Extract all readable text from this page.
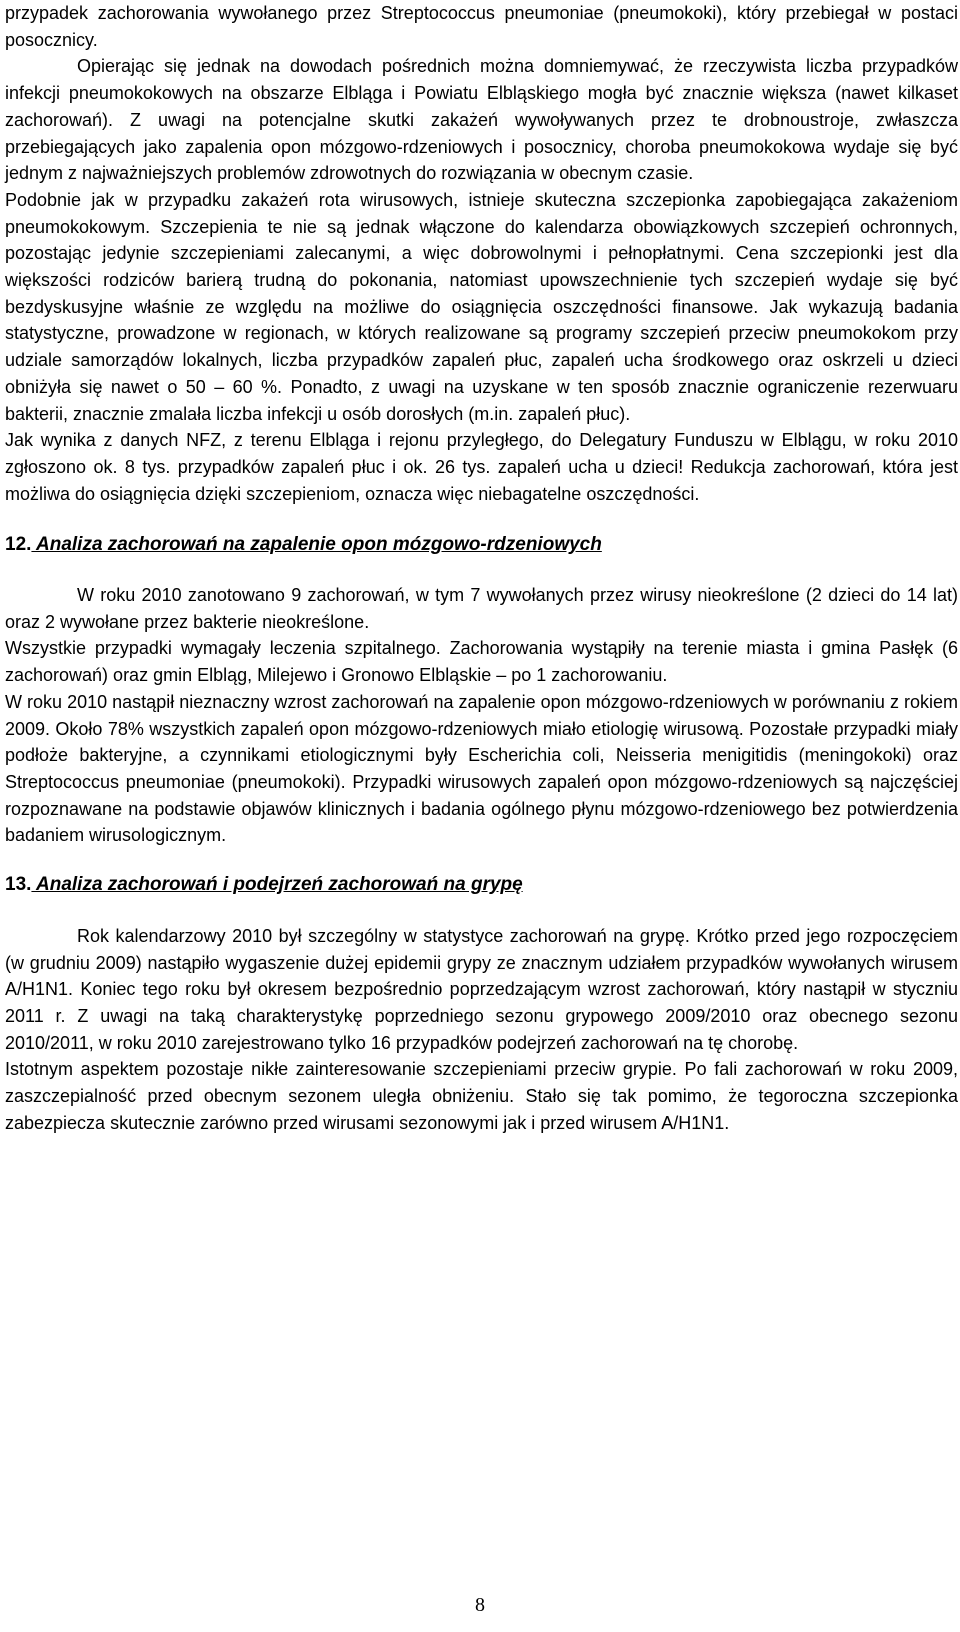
przypadek zachorowania wywołanego przez Streptococcus pneumoniae (pneumokoki), który przebiegał w postaci posocznicy.

Opierając się jednak na dowodach pośrednich można domniemywać, że rzeczywista liczba przypadków infekcji pneumokokowych na obszarze Elbląga i Powiatu Elbląskiego mogła być znacznie większa (nawet kilkaset zachorowań). Z uwagi na potencjalne skutki zakażeń wywoływanych przez te drobnoustroje, zwłaszcza przebiegających jako zapalenia opon mózgowo-rdzeniowych i posocznicy, choroba pneumokokowa wydaje się być jednym z najważniejszych problemów zdrowotnych do rozwiązania w obecnym czasie.

Podobnie jak w przypadku zakażeń rota wirusowych, istnieje skuteczna szczepionka zapobiegająca zakażeniom pneumokokowym. Szczepienia te nie są jednak włączone do kalendarza obowiązkowych szczepień ochronnych, pozostając jedynie szczepieniami zalecanymi, a więc dobrowolnymi i pełnopłatnymi. Cena szczepionki jest dla większości rodziców barierą trudną do pokonania, natomiast upowszechnienie tych szczepień wydaje się być bezdyskusyjne właśnie ze względu na możliwe do osiągnięcia oszczędności finansowe. Jak wykazują badania statystyczne, prowadzone w regionach, w których realizowane są programy szczepień przeciw pneumokokom przy udziale samorządów lokalnych, liczba przypadków zapaleń płuc, zapaleń ucha środkowego oraz oskrzeli u dzieci obniżyła się nawet o 50 – 60 %. Ponadto, z uwagi na uzyskane w ten sposób znacznie ograniczenie rezerwuaru bakterii, znacznie zmalała liczba infekcji u osób dorosłych (m.in. zapaleń płuc).

Jak wynika z danych NFZ, z terenu Elbląga i rejonu przyległego, do Delegatury Funduszu w Elblągu, w roku 2010 zgłoszono ok. 8 tys. przypadków zapaleń płuc i ok. 26 tys. zapaleń ucha u dzieci! Redukcja zachorowań, która jest możliwa do osiągnięcia dzięki szczepieniom, oznacza więc niebagatelne oszczędności.

12. Analiza zachorowań na zapalenie opon mózgowo-rdzeniowych

W roku 2010 zanotowano 9 zachorowań, w tym 7 wywołanych przez wirusy nieokreślone (2 dzieci do 14 lat) oraz 2 wywołane przez bakterie nieokreślone.

Wszystkie przypadki wymagały leczenia szpitalnego. Zachorowania wystąpiły na terenie miasta i gmina Pasłęk (6 zachorowań) oraz gmin Elbląg, Milejewo i Gronowo Elbląskie – po 1 zachorowaniu.

W roku 2010 nastąpił nieznaczny wzrost zachorowań na zapalenie opon mózgowo-rdzeniowych w porównaniu z rokiem 2009. Około 78% wszystkich zapaleń opon mózgowo-rdzeniowych miało etiologię wirusową. Pozostałe przypadki miały podłoże bakteryjne, a czynnikami etiologicznymi były Escherichia coli, Neisseria menigitidis (meningokoki) oraz Streptococcus pneumoniae (pneumokoki). Przypadki wirusowych zapaleń opon mózgowo-rdzeniowych są najczęściej rozpoznawane na podstawie objawów klinicznych i badania ogólnego płynu mózgowo-rdzeniowego bez potwierdzenia badaniem wirusologicznym.

13. Analiza zachorowań i podejrzeń zachorowań na grypę

Rok kalendarzowy 2010 był szczególny w statystyce zachorowań na grypę. Krótko przed jego rozpoczęciem (w grudniu 2009) nastąpiło wygaszenie dużej epidemii grypy ze znacznym udziałem przypadków wywołanych wirusem A/H1N1. Koniec tego roku był okresem bezpośrednio poprzedzającym wzrost zachorowań, który nastąpił w styczniu 2011 r. Z uwagi na taką charakterystykę poprzedniego sezonu grypowego 2009/2010 oraz obecnego sezonu 2010/2011, w roku 2010 zarejestrowano tylko 16 przypadków podejrzeń zachorowań na tę chorobę.

Istotnym aspektem pozostaje nikłe zainteresowanie szczepieniami przeciw grypie. Po fali zachorowań w roku 2009, zaszczepialność przed obecnym sezonem uległa obniżeniu. Stało się tak pomimo, że tegoroczna szczepionka zabezpiecza skutecznie zarówno przed wirusami sezonowymi jak i przed wirusem A/H1N1.

8
